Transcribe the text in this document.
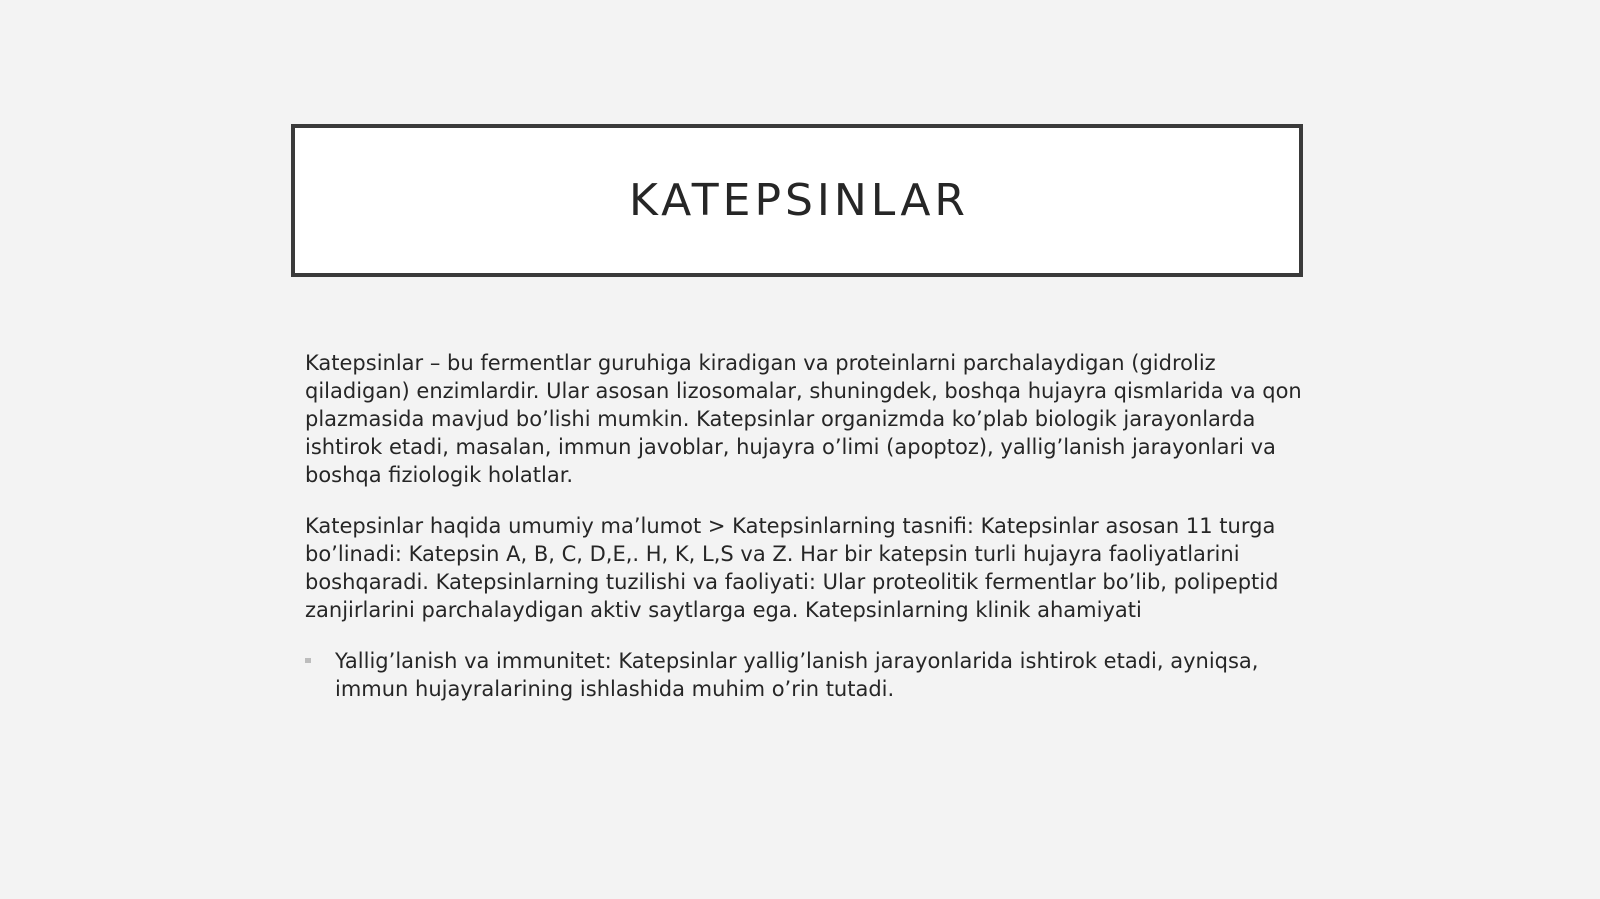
KATEPSINLAR

Katepsinlar – bu fermentlar guruhiga kiradigan va proteinlarni parchalaydigan (gidroliz qiladigan) enzimlardir. Ular asosan lizosomalar, shuningdek, boshqa hujayra qismlarida va qon plazmasida mavjud bo’lishi mumkin. Katepsinlar organizmda ko’plab biologik jarayonlarda ishtirok etadi, masalan, immun javoblar, hujayra o’limi (apoptoz), yallig’lanish jarayonlari va boshqa fiziologik holatlar.

Katepsinlar haqida umumiy ma’lumot > Katepsinlarning tasnifi: Katepsinlar asosan 11 turga bo’linadi: Katepsin A, B, C, D,E,. H, K, L,S va Z. Har bir katepsin turli hujayra faoliyatlarini boshqaradi. Katepsinlarning tuzilishi va faoliyati: Ular proteolitik fermentlar bo’lib, polipeptid zanjirlarini parchalaydigan aktiv saytlarga ega. Katepsinlarning klinik ahamiyati

Yallig’lanish va immunitet: Katepsinlar yallig’lanish jarayonlarida ishtirok etadi, ayniqsa, immun hujayralarining ishlashida muhim o’rin tutadi.
